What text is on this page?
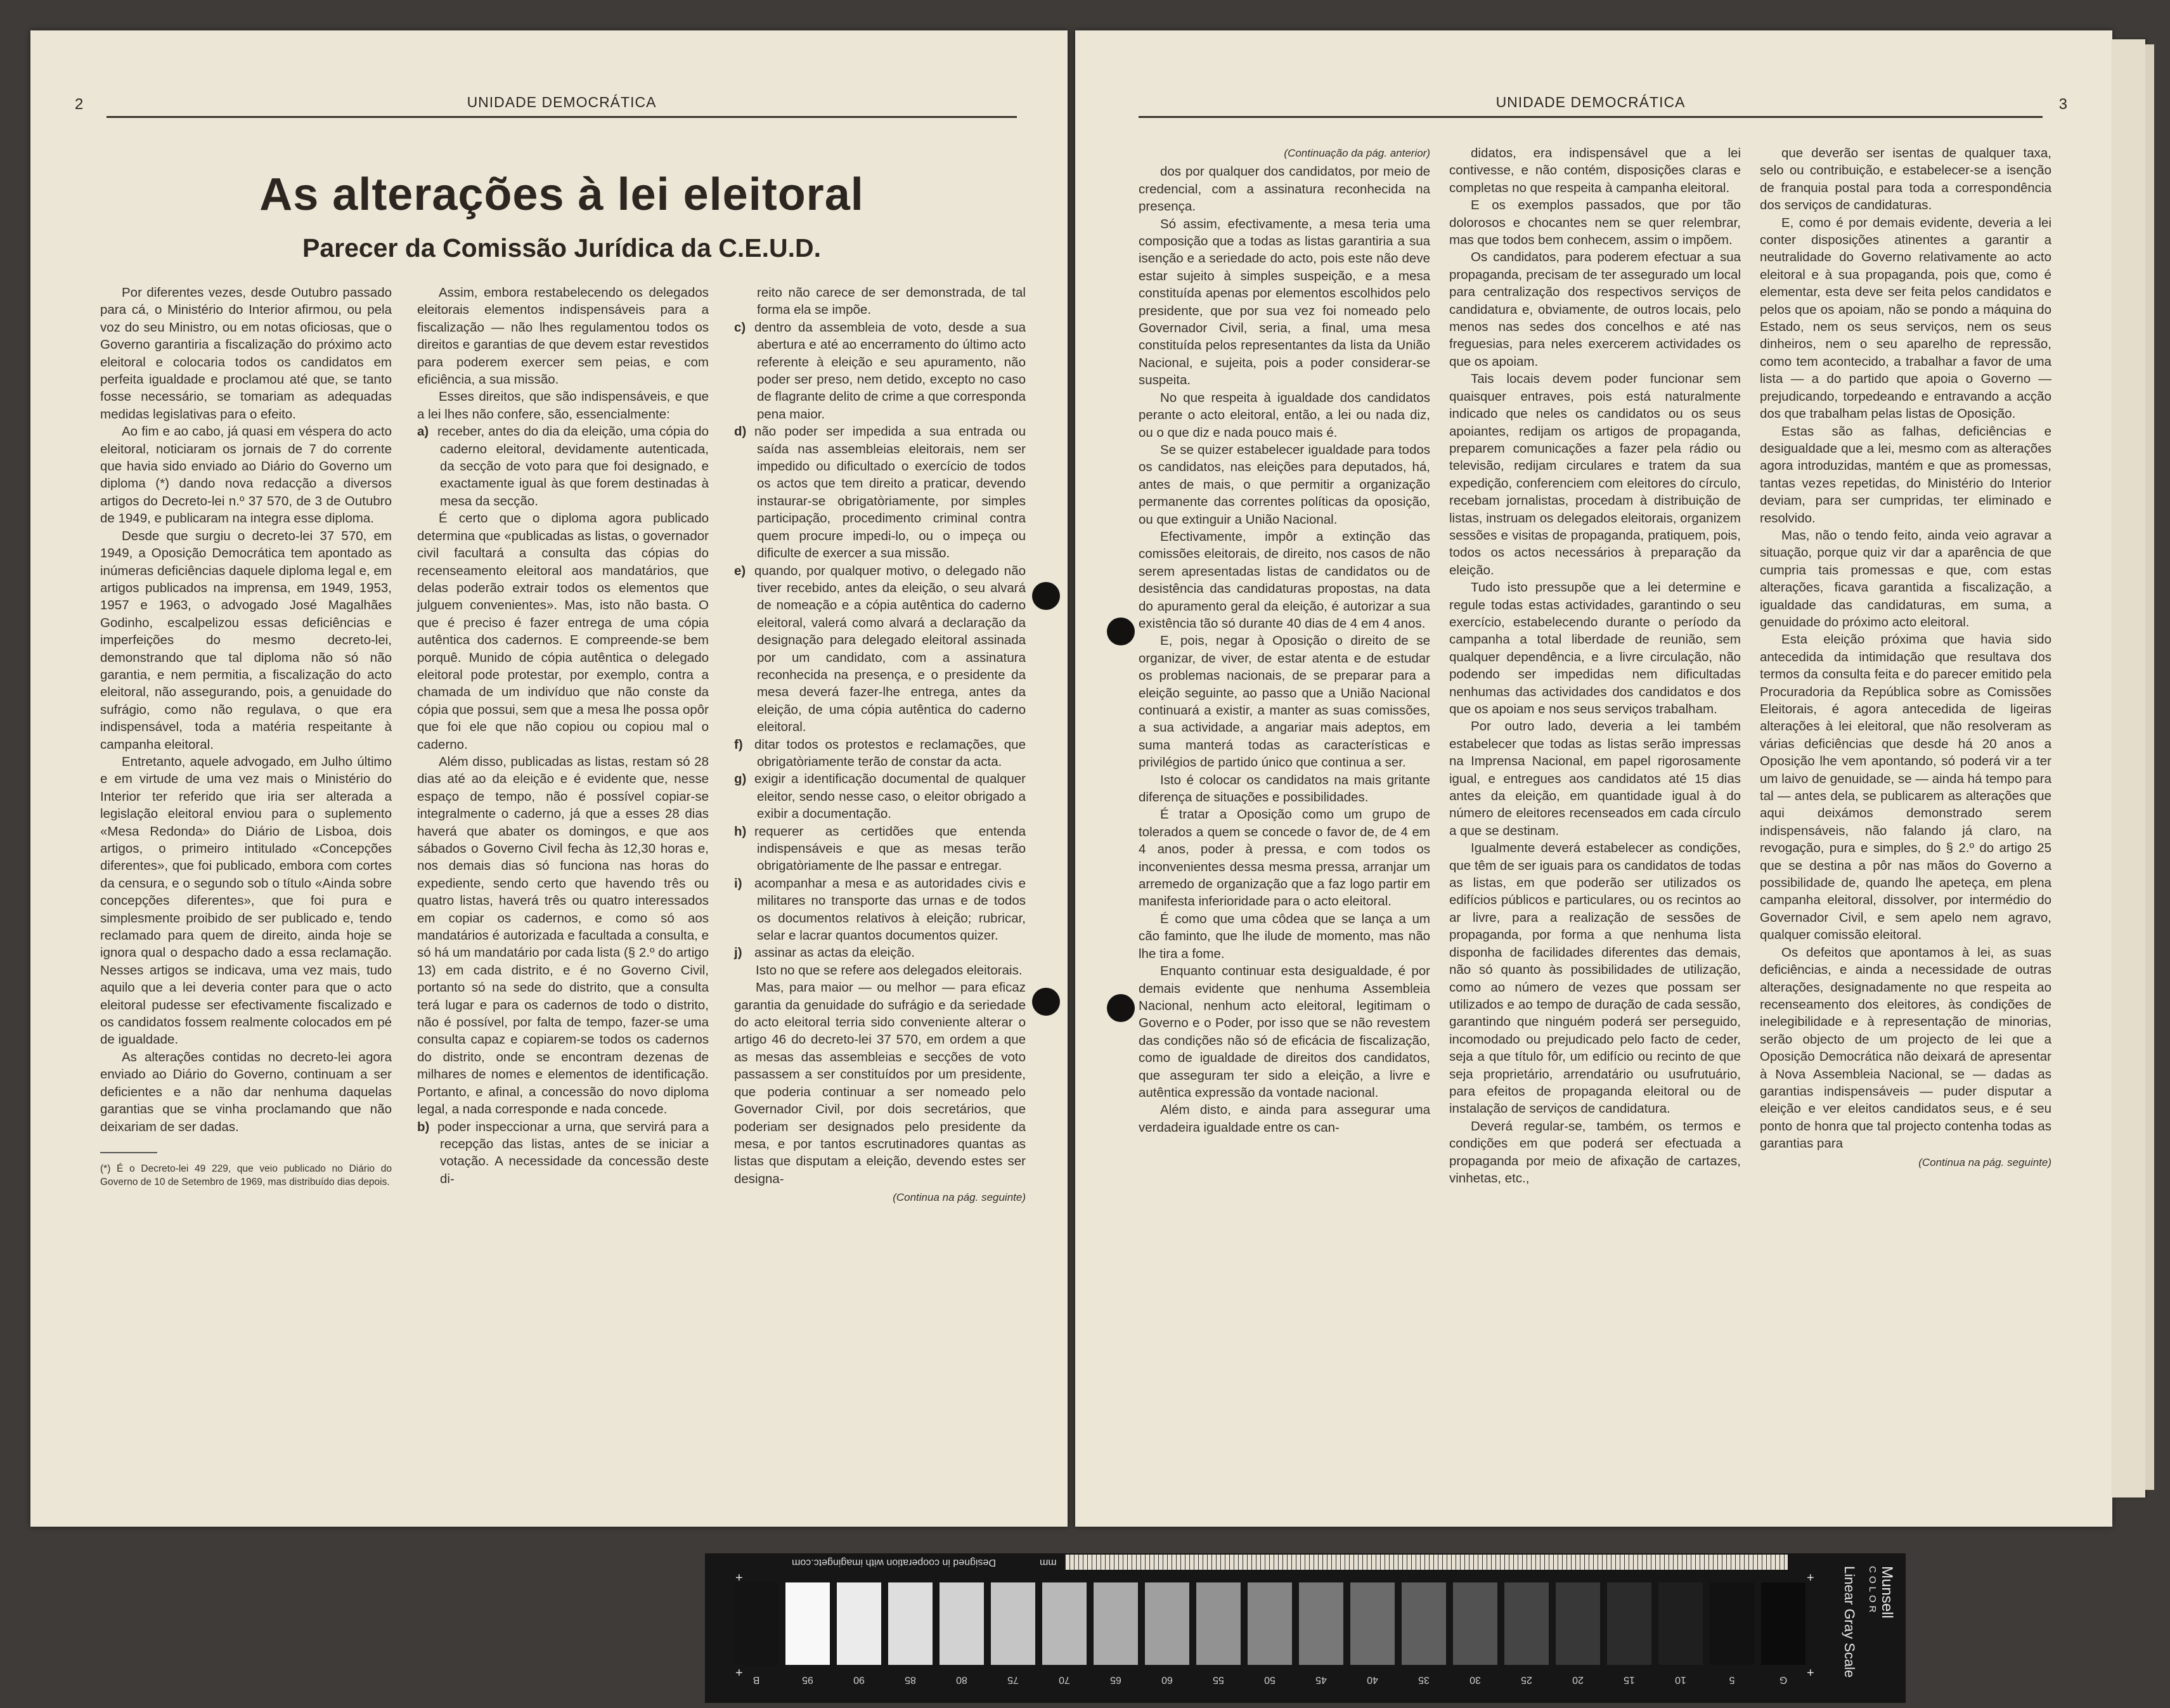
2	UNIDADE DEMOCRÁTICA
As alterações à lei eleitoral
Parecer da Comissão Jurídica da C.E.U.D.

Por diferentes vezes, desde Outubro passado para cá, o Ministério do Interior afirmou, ou pela voz do seu Ministro, ou em notas oficiosas, que o Governo garantiria a fiscalização do próximo acto eleitoral e colocaria todos os candidatos em perfeita igualdade e proclamou até que, se tanto fosse necessário, se tomariam as adequadas medidas legislativas para o efeito.

Ao fim e ao cabo, já quasi em véspera do acto eleitoral, noticiaram os jornais de 7 do corrente que havia sido enviado ao Diário do Governo um diploma (*) dando nova redacção a diversos artigos do Decreto-lei n.º 37 570, de 3 de Outubro de 1949, e publicaram na integra esse diploma.

Desde que surgiu o decreto-lei 37 570, em 1949, a Oposição Democrática tem apontado as inúmeras deficiências daquele diploma legal e, em artigos publicados na imprensa, em 1949, 1953, 1957 e 1963, o advogado José Magalhães Godinho, escalpelizou essas deficiências e imperfeições do mesmo decreto-lei, demonstrando que tal diploma não só não garantia, e nem permitia, a fiscalização do acto eleitoral, não assegurando, pois, a genuidade do sufrágio, como não regulava, o que era indispensável, toda a matéria respeitante à campanha eleitoral.

Entretanto, aquele advogado, em Julho último e em virtude de uma vez mais o Ministério do Interior ter referido que iria ser alterada a legislação eleitoral enviou para o suplemento «Mesa Redonda» do Diário de Lisboa, dois artigos, o primeiro intitulado «Concepções diferentes», que foi publicado, embora com cortes da censura, e o segundo sob o título «Ainda sobre concepções diferentes», que foi pura e simplesmente proibido de ser publicado e, tendo reclamado para quem de direito, ainda hoje se ignora qual o despacho dado a essa reclamação. Nesses artigos se indicava, uma vez mais, tudo aquilo que a lei deveria conter para que o acto eleitoral pudesse ser efectivamente fiscalizado e os candidatos fossem realmente colocados em pé de igualdade.

As alterações contidas no decreto-lei agora enviado ao Diário do Governo, continuam a ser deficientes e a não dar nenhuma daquelas garantias que se vinha proclamando que não deixariam de ser dadas.

(*) É o Decreto-lei 49 229, que veio publicado no Diário do Governo de 10 de Setembro de 1969, mas distribuído dias depois.

Assim, embora restabelecendo os delegados eleitorais elementos indispensáveis para a fiscalização — não lhes regulamentou todos os direitos e garantias de que devem estar revestidos para poderem exercer sem peias, e com eficiência, a sua missão.

Esses direitos, que são indispensáveis, e que a lei lhes não confere, são, essencialmente:

a) receber, antes do dia da eleição, uma cópia do caderno eleitoral, devidamente autenticada, da secção de voto para que foi designado, e exactamente igual às que forem destinadas à mesa da secção.

É certo que o diploma agora publicado determina que «publicadas as listas, o governador civil facultará a consulta das cópias do recenseamento eleitoral aos mandatários, que delas poderão extrair todos os elementos que julguem convenientes». Mas, isto não basta. O que é preciso é fazer entrega de uma cópia autêntica dos cadernos. E compreende-se bem porquê. Munido de cópia autêntica o delegado eleitoral pode protestar, por exemplo, contra a chamada de um indivíduo que não conste da cópia que possui, sem que a mesa lhe possa opôr que foi ele que não copiou ou copiou mal o caderno.

Além disso, publicadas as listas, restam só 28 dias até ao da eleição e é evidente que, nesse espaço de tempo, não é possível copiar-se integralmente o caderno, já que a esses 28 dias haverá que abater os domingos, e que aos sábados o Governo Civil fecha às 12,30 horas e, nos demais dias só funciona nas horas do expediente, sendo certo que havendo três ou quatro listas, haverá três ou quatro interessados em copiar os cadernos, e como só aos mandatários é autorizada e facultada a consulta, e só há um mandatário por cada lista (§ 2.º do artigo 13) em cada distrito, e é no Governo Civil, portanto só na sede do distrito, que a consulta terá lugar e para os cadernos de todo o distrito, não é possível, por falta de tempo, fazer-se uma consulta capaz e copiarem-se todos os cadernos do distrito, onde se encontram dezenas de milhares de nomes e elementos de identificação. Portanto, e afinal, a concessão do novo diploma legal, a nada corresponde e nada concede.

b) poder inspeccionar a urna, que servirá para a recepção das listas, antes de se iniciar a votação. A necessidade da concessão deste di-

reito não carece de ser demonstrada, de tal forma ela se impõe.

c) dentro da assembleia de voto, desde a sua abertura e até ao encerramento do último acto referente à eleição e seu apuramento, não poder ser preso, nem detido, excepto no caso de flagrante delito de crime a que corresponda pena maior.

d) não poder ser impedida a sua entrada ou saída nas assembleias eleitorais, nem ser impedido ou dificultado o exercício de todos os actos que tem direito a praticar, devendo instaurar-se obrigatòriamente, por simples participação, procedimento criminal contra quem procure impedi-lo, ou o impeça ou dificulte de exercer a sua missão.

e) quando, por qualquer motivo, o delegado não tiver recebido, antes da eleição, o seu alvará de nomeação e a cópia autêntica do caderno eleitoral, valerá como alvará a declaração da designação para delegado eleitoral assinada por um candidato, com a assinatura reconhecida na presença, e o presidente da mesa deverá fazer-lhe entrega, antes da eleição, de uma cópia autêntica do caderno eleitoral.

f) ditar todos os protestos e reclamações, que obrigatòriamente terão de constar da acta.

g) exigir a identificação documental de qualquer eleitor, sendo nesse caso, o eleitor obrigado a exibir a documentação.

h) requerer as certidões que entenda indispensáveis e que as mesas terão obrigatòriamente de lhe passar e entregar.

i) acompanhar a mesa e as autoridades civis e militares no transporte das urnas e de todos os documentos relativos à eleição; rubricar, selar e lacrar quantos documentos quizer.

j) assinar as actas da eleição.

Isto no que se refere aos delegados eleitorais.

Mas, para maior — ou melhor — para eficaz garantia da genuidade do sufrágio e da seriedade do acto eleitoral terria sido conveniente alterar o artigo 46 do decreto-lei 37 570, em ordem a que as mesas das assembleias e secções de voto passassem a ser constituídos por um presidente, que poderia continuar a ser nomeado pelo Governador Civil, por dois secretários, que poderiam ser designados pelo presidente da mesa, e por tantos escrutinadores quantas as listas que disputam a eleição, devendo estes ser designa-

(Continua na pág. seguinte)
UNIDADE DEMOCRÁTICA	3
(Continuação da pág. anterior)

dos por qualquer dos candidatos, por meio de credencial, com a assinatura reconhecida na presença.

Só assim, efectivamente, a mesa teria uma composição que a todas as listas garantiria a sua isenção e a seriedade do acto, pois este não deve estar sujeito à simples suspeição, e a mesa constituída apenas por elementos escolhidos pelo presidente, que por sua vez foi nomeado pelo Governador Civil, seria, a final, uma mesa constituída pelos representantes da lista da União Nacional, e sujeita, pois a poder considerar-se suspeita.

No que respeita à igualdade dos candidatos perante o acto eleitoral, então, a lei ou nada diz, ou o que diz e nada pouco mais é.

Se se quizer estabelecer igualdade para todos os candidatos, nas eleições para deputados, há, antes de mais, o que permitir a organização permanente das correntes políticas da oposição, ou que extinguir a União Nacional.

Efectivamente, impôr a extinção das comissões eleitorais, de direito, nos casos de não serem apresentadas listas de candidatos ou de desistência das candidaturas propostas, na data do apuramento geral da eleição, é autorizar a sua existência tão só durante 40 dias de 4 em 4 anos.

E, pois, negar à Oposição o direito de se organizar, de viver, de estar atenta e de estudar os problemas nacionais, de se preparar para a eleição seguinte, ao passo que a União Nacional continuará a existir, a manter as suas comissões, a sua actividade, a angariar mais adeptos, em suma manterá todas as características e privilégios de partido único que continua a ser.

Isto é colocar os candidatos na mais gritante diferença de situações e possibilidades.

É tratar a Oposição como um grupo de tolerados a quem se concede o favor de, de 4 em 4 anos, poder à pressa, e com todos os inconvenientes dessa mesma pressa, arranjar um arremedo de organização que a faz logo partir em manifesta inferioridade para o acto eleitoral.

É como que uma côdea que se lança a um cão faminto, que lhe ilude de momento, mas não lhe tira a fome.

Enquanto continuar esta desigualdade, é por demais evidente que nenhuma Assembleia Nacional, nenhum acto eleitoral, legitimam o Governo e o Poder, por isso que se não revestem das condições não só de eficácia de fiscalização, como de igualdade de direitos dos candidatos, que asseguram ter sido a eleição, a livre e autêntica expressão da vontade nacional.

Além disto, e ainda para assegurar uma verdadeira igualdade entre os can-

didatos, era indispensável que a lei contivesse, e não contém, disposições claras e completas no que respeita à campanha eleitoral.

E os exemplos passados, que por tão dolorosos e chocantes nem se quer relembrar, mas que todos bem conhecem, assim o impõem.

Os candidatos, para poderem efectuar a sua propaganda, precisam de ter assegurado um local para centralização dos respectivos serviços de candidatura e, obviamente, de outros locais, pelo menos nas sedes dos concelhos e até nas freguesias, para neles exercerem actividades os que os apoiam.

Tais locais devem poder funcionar sem quaisquer entraves, pois está naturalmente indicado que neles os candidatos ou os seus apoiantes, redijam os artigos de propaganda, preparem comunicações a fazer pela rádio ou televisão, redijam circulares e tratem da sua expedição, conferenciem com eleitores do círculo, recebam jornalistas, procedam à distribuição de listas, instruam os delegados eleitorais, organizem sessões e visitas de propaganda, pratiquem, pois, todos os actos necessários à preparação da eleição.

Tudo isto pressupõe que a lei determine e regule todas estas actividades, garantindo o seu exercício, estabelecendo durante o período da campanha a total liberdade de reunião, sem qualquer dependência, e a livre circulação, não podendo ser impedidas nem dificultadas nenhumas das actividades dos candidatos e dos que os apoiam e nos seus serviços trabalham.

Por outro lado, deveria a lei também estabelecer que todas as listas serão impressas na Imprensa Nacional, em papel rigorosamente igual, e entregues aos candidatos até 15 dias antes da eleição, em quantidade igual à do número de eleitores recenseados em cada círculo a que se destinam.

Igualmente deverá estabelecer as condições, que têm de ser iguais para os candidatos de todas as listas, em que poderão ser utilizados os edifícios públicos e particulares, ou os recintos ao ar livre, para a realização de sessões de propaganda, por forma a que nenhuma lista disponha de facilidades diferentes das demais, não só quanto às possibilidades de utilização, como ao número de vezes que possam ser utilizados e ao tempo de duração de cada sessão, garantindo que ninguém poderá ser perseguido, incomodado ou prejudicado pelo facto de ceder, seja a que título fôr, um edifício ou recinto de que seja proprietário, arrendatário ou usufrutuário, para efeitos de propaganda eleitoral ou de instalação de serviços de candidatura.

Deverá regular-se, também, os termos e condições em que poderá ser efectuada a propaganda por meio de afixação de cartazes, vinhetas, etc.,

que deverão ser isentas de qualquer taxa, selo ou contribuição, e estabelecer-se a isenção de franquia postal para toda a correspondência dos serviços de candidaturas.

E, como é por demais evidente, deveria a lei conter disposições atinentes a garantir a neutralidade do Governo relativamente ao acto eleitoral e à sua propaganda, pois que, como é elementar, esta deve ser feita pelos candidatos e pelos que os apoiam, não se pondo a máquina do Estado, nem os seus serviços, nem os seus dinheiros, nem o seu aparelho de repressão, como tem acontecido, a trabalhar a favor de uma lista — a do partido que apoia o Governo — prejudicando, torpedeando e entravando a acção dos que trabalham pelas listas de Oposição.

Estas são as falhas, deficiências e desigualdade que a lei, mesmo com as alterações agora introduzidas, mantém e que as promessas, tantas vezes repetidas, do Ministério do Interior deviam, para ser cumpridas, ter eliminado e resolvido.

Mas, não o tendo feito, ainda veio agravar a situação, porque quiz vir dar a aparência de que cumpria tais promessas e que, com estas alterações, ficava garantida a fiscalização, a igualdade das candidaturas, em suma, a genuidade do próximo acto eleitoral.

Esta eleição próxima que havia sido antecedida da intimidação que resultava dos termos da consulta feita e do parecer emitido pela Procuradoria da República sobre as Comissões Eleitorais, é agora antecedida de ligeiras alterações à lei eleitoral, que não resolveram as várias deficiências que desde há 20 anos a Oposição lhe vem apontando, só poderá vir a ter um laivo de genuidade, se — ainda há tempo para tal — antes dela, se publicarem as alterações que aqui deixámos demonstrado serem indispensáveis, não falando já claro, na revogação, pura e simples, do § 2.º do artigo 25 que se destina a pôr nas mãos do Governo a possibilidade de, quando lhe apeteça, em plena campanha eleitoral, dissolver, por intermédio do Governador Civil, e sem apelo nem agravo, qualquer comissão eleitoral.

Os defeitos que apontamos à lei, as suas deficiências, e ainda a necessidade de outras alterações, designadamente no que respeita ao recenseamento dos eleitores, às condições de inelegibilidade e à representação de minorias, serão objecto de um projecto de lei que a Oposição Democrática não deixará de apresentar à Nova Assembleia Nacional, se — dadas as garantias indispensáveis — puder disputar a eleição e ver eleitos candidatos seus, e é seu ponto de honra que tal projecto contenha todas as garantias para

(Continua na pág. seguinte)
mm
Designed in cooperation with imagingetc.com
B	95	90	85	80	75	70	65	60	55	50	45	40	35	30	25	20	15	10	5	G
+	+
+	+
Munsell
COLOR
Linear Gray Scale
